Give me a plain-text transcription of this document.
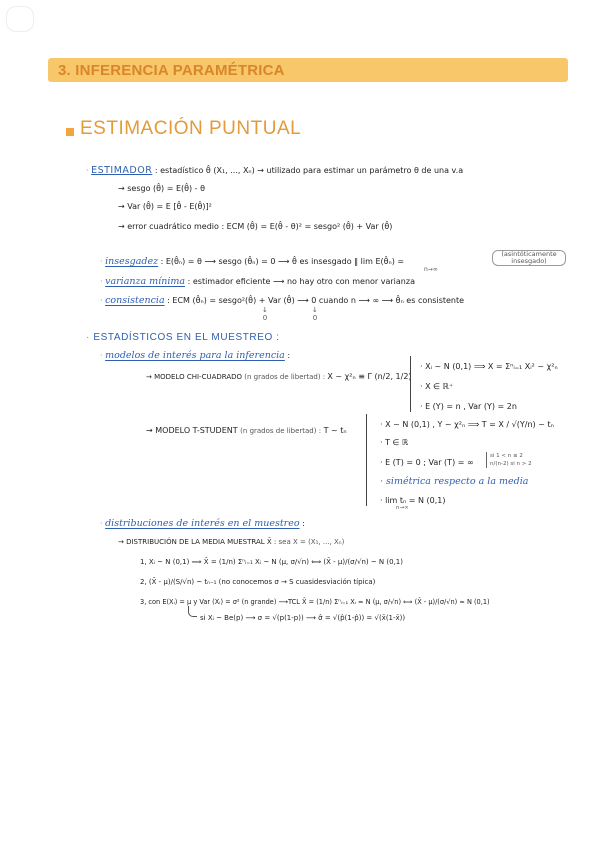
3. INFERENCIA PARAMÉTRICA
ESTIMACIÓN PUNTUAL
· ESTIMADOR : estadístico θ̂ (X₁, ..., Xₙ) → utilizado para estimar un parámetro θ de una v.a
→ sesgo (θ̂) = E(θ̂) - θ
→ Var (θ̂) = E [θ̂ - E(θ̂)]²
→ error cuadrático medio : ECM (θ̂) = E(θ̂ - θ)² = sesgo² (θ̂) + Var (θ̂)
· insesgadez : E(θ̂ₙ) = θ ⟶ sesgo (θ̂ₙ) = 0 ⟶ θ̂ es insesgado ‖ lim E(θ̂ₙ) =
n→∞
(asintóticamente insesgado)
· varianza mínima : estimador eficiente ⟶ no hay otro con menor varianza
· consistencia : ECM (θ̂ₙ) = sesgo²(θ̂) + Var (θ̂) ⟶ 0 cuando n ⟶ ∞ ⟶ θ̂ₙ es consistente
↓
0
↓
0
· ESTADÍSTICOS EN EL MUESTREO :
· modelos de interés para la inferencia :
→ MODELO CHI-CUADRADO (n grados de libertad) : X ~ χ²ₙ ≡ Γ (n/2, 1/2)
· Xᵢ ~ N (0,1) ⟹ X = Σⁿᵢ₌₁ Xᵢ² ~ χ²ₙ
· X ∈ ℝ⁺
· E (Y) = n , Var (Y) = 2n
→ MODELO T-STUDENT (n grados de libertad) : T ~ tₙ
· X ~ N (0,1) , Y ~ χ²ₙ ⟹ T = X / √(Y/n) ~ tₙ
· T ∈ ℝ
· E (T) = 0 ; Var (T) = ∞
si 1 < n ≤ 2
n/(n-2) si n > 2
· simétrica respecto a la media
· lim tₙ = N (0,1)
n→∞
· distribuciones de interés en el muestreo :
→ DISTRIBUCIÓN DE LA MEDIA MUESTRAL X̄ : sea X = (X₁, ..., Xₙ)
1, Xᵢ ~ N (0,1) ⟹ X̄ = (1/n) Σⁿᵢ₌₁ Xᵢ ~ N (μ, σ/√n) ⟺ (X̄ - μ)/(σ/√n) ~ N (0,1)
2, (X̄ - μ)/(S/√n) ~ tₙ₋₁ (no conocemos σ → S cuasidesviación típica)
3, con E(Xᵢ) = μ y Var (Xᵢ) = σ² (n grande) ⟶TCL X̄ = (1/n) Σⁿᵢ₌₁ Xᵢ ≈ N (μ, σ/√n) ⟺ (X̄ - μ)/(σ/√n) ≈ N (0,1)
si Xᵢ ~ Be(p) ⟶ σ = √(p(1-p)) ⟶ σ̂ = √(p̂(1-p̂)) = √(x̄(1-x̄))
